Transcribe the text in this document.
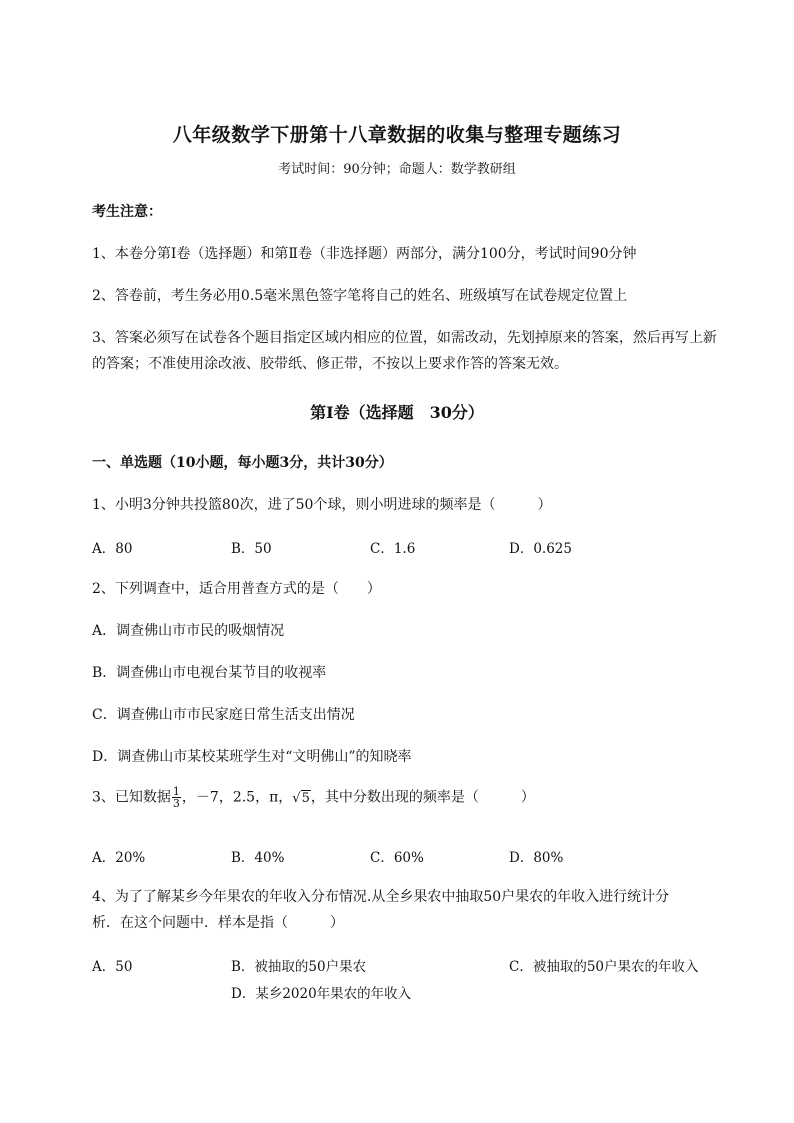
八年级数学下册第十八章数据的收集与整理专题练习
考试时间：90分钟；命题人：数学教研组
考生注意：
1、本卷分第Ⅰ卷（选择题）和第Ⅱ卷（非选择题）两部分，满分100分，考试时间90分钟
2、答卷前，考生务必用0.5毫米黑色签字笔将自己的姓名、班级填写在试卷规定位置上
3、答案必须写在试卷各个题目指定区域内相应的位置，如需改动，先划掉原来的答案，然后再写上新
的答案；不准使用涂改液、胶带纸、修正带，不按以上要求作答的答案无效。
第Ⅰ卷（选择题　30分）
一、单选题（10小题，每小题3分，共计30分）
1、小明3分钟共投篮80次，进了50个球，则小明进球的频率是（　　　）
A．80	B．50	C．1.6	D．0.625
2、下列调查中，适合用普查方式的是（　　）
A．调查佛山市市民的吸烟情况
B．调查佛山市电视台某节目的收视率
C．调查佛山市市民家庭日常生活支出情况
D．调查佛山市某校某班学生对“文明佛山”的知晓率
3、已知数据 $\frac{1}{3}$ ，－7，2.5，π，√5，其中分数出现的频率是（　　　）
A．20%	B．40%	C．60%	D．80%
4、为了了解某乡今年果农的年收入分布情况.从全乡果农中抽取50户果农的年收入进行统计分
析．在这个问题中．样本是指（　　　）
A．50	B．被抽取的50户果农	C．被抽取的50户果农的年收入
D．某乡2020年果农的年收入
